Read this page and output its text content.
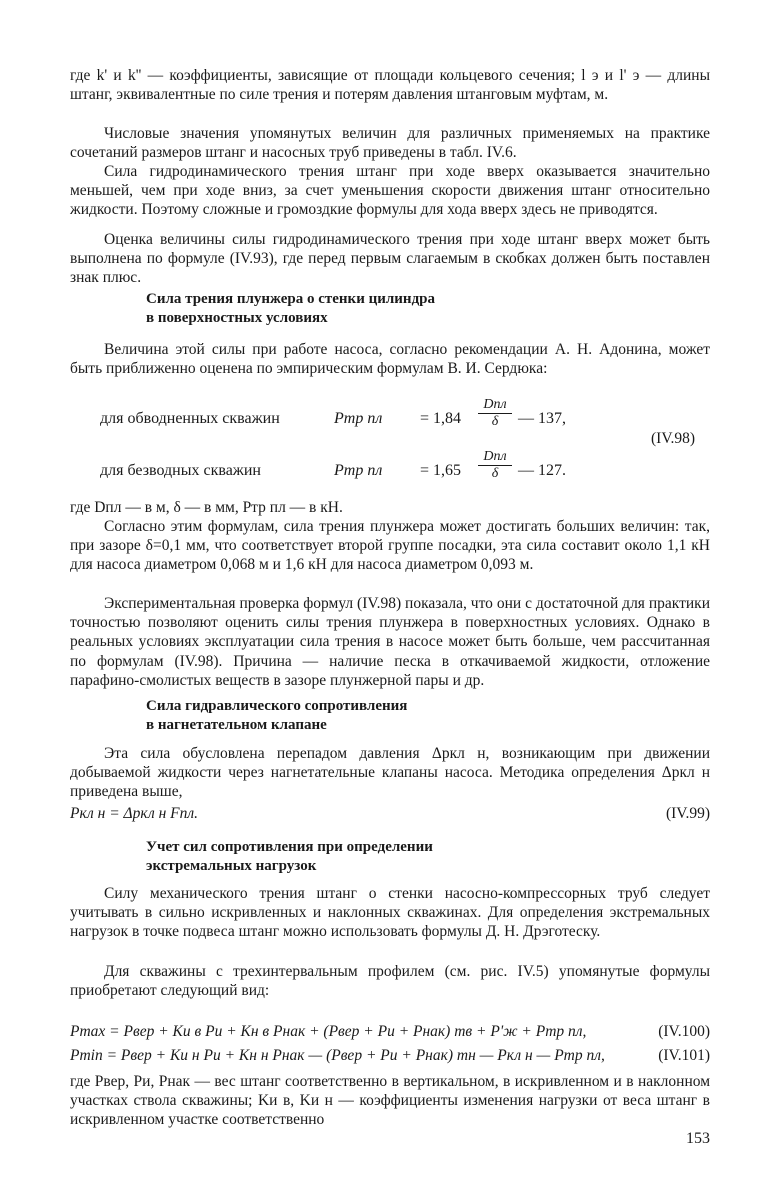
где k' и k'' — коэффициенты, зависящие от площади кольцевого сечения; l э и l' э — длины штанг, эквивалентные по силе трения и потерям давления штанговым муфтам, м.

Числовые значения упомянутых величин для различных применяемых на практике сочетаний размеров штанг и насосных труб приведены в табл. IV.6.

Сила гидродинамического трения штанг при ходе вверх оказывается значительно меньшей, чем при ходе вниз, за счет уменьшения скорости движения штанг относительно жидкости. Поэтому сложные и громоздкие формулы для хода вверх здесь не приводятся.

Оценка величины силы гидродинамического трения при ходе штанг вверх может быть выполнена по формуле (IV.93), где перед первым слагаемым в скобках должен быть поставлен знак плюс.

Сила трения плунжера о стенки цилиндра
в поверхностных условиях

Величина этой силы при работе насоса, согласно рекомендации А. Н. Адонина, может быть приближенно оценена по эмпирическим формулам В. И. Сердюка:

для обводненных скважин	Pтр пл = 1,84
Dпл
δ	— 137,
(IV.98)
для безводных скважин	Pтр пл = 1,65
Dпл
δ	— 127.

где Dпл — в м, δ — в мм, Pтр пл — в кН.

Согласно этим формулам, сила трения плунжера может достигать больших величин: так, при зазоре δ=0,1 мм, что соответствует второй группе посадки, эта сила составит около 1,1 кН для насоса диаметром 0,068 м и 1,6 кН для насоса диаметром 0,093 м.

Экспериментальная проверка формул (IV.98) показала, что они с достаточной для практики точностью позволяют оценить силы трения плунжера в поверхностных условиях. Однако в реальных условиях эксплуатации сила трения в насосе может быть больше, чем рассчитанная по формулам (IV.98). Причина — наличие песка в откачиваемой жидкости, отложение парафино-смолистых веществ в зазоре плунжерной пары и др.

Сила гидравлического сопротивления
в нагнетательном клапане

Эта сила обусловлена перепадом давления Δpкл н, возникающим при движении добываемой жидкости через нагнетательные клапаны насоса. Методика определения Δpкл н приведена выше,

Pкл н = Δpкл н Fпл.	(IV.99)
Учет сил сопротивления при определении
экстремальных нагрузок

Силу механического трения штанг о стенки насосно-компрессорных труб следует учитывать в сильно искривленных и наклонных скважинах. Для определения экстремальных нагрузок в точке подвеса штанг можно использовать формулы Д. Н. Дрэготеску.

Для скважины с трехинтервальным профилем (см. рис. IV.5) упомянутые формулы приобретают следующий вид:

Pmax = Pвер + Kи в Pи + Kн в Pнак + (Pвер + Pи + Pнак) mв + P'ж + Pтр пл,	(IV.100)
Pmin = Pвер + Kи н Pи + Kн н Pнак — (Pвер + Pи + Pнак) mн — Pкл н — Pтр пл,	(IV.101)

где Pвер, Pи, Pнак — вес штанг соответственно в вертикальном, в искривленном и в наклонном участках ствола скважины; Kи в, Kи н — коэффициенты изменения нагрузки от веса штанг в искривленном участке соответственно

153
